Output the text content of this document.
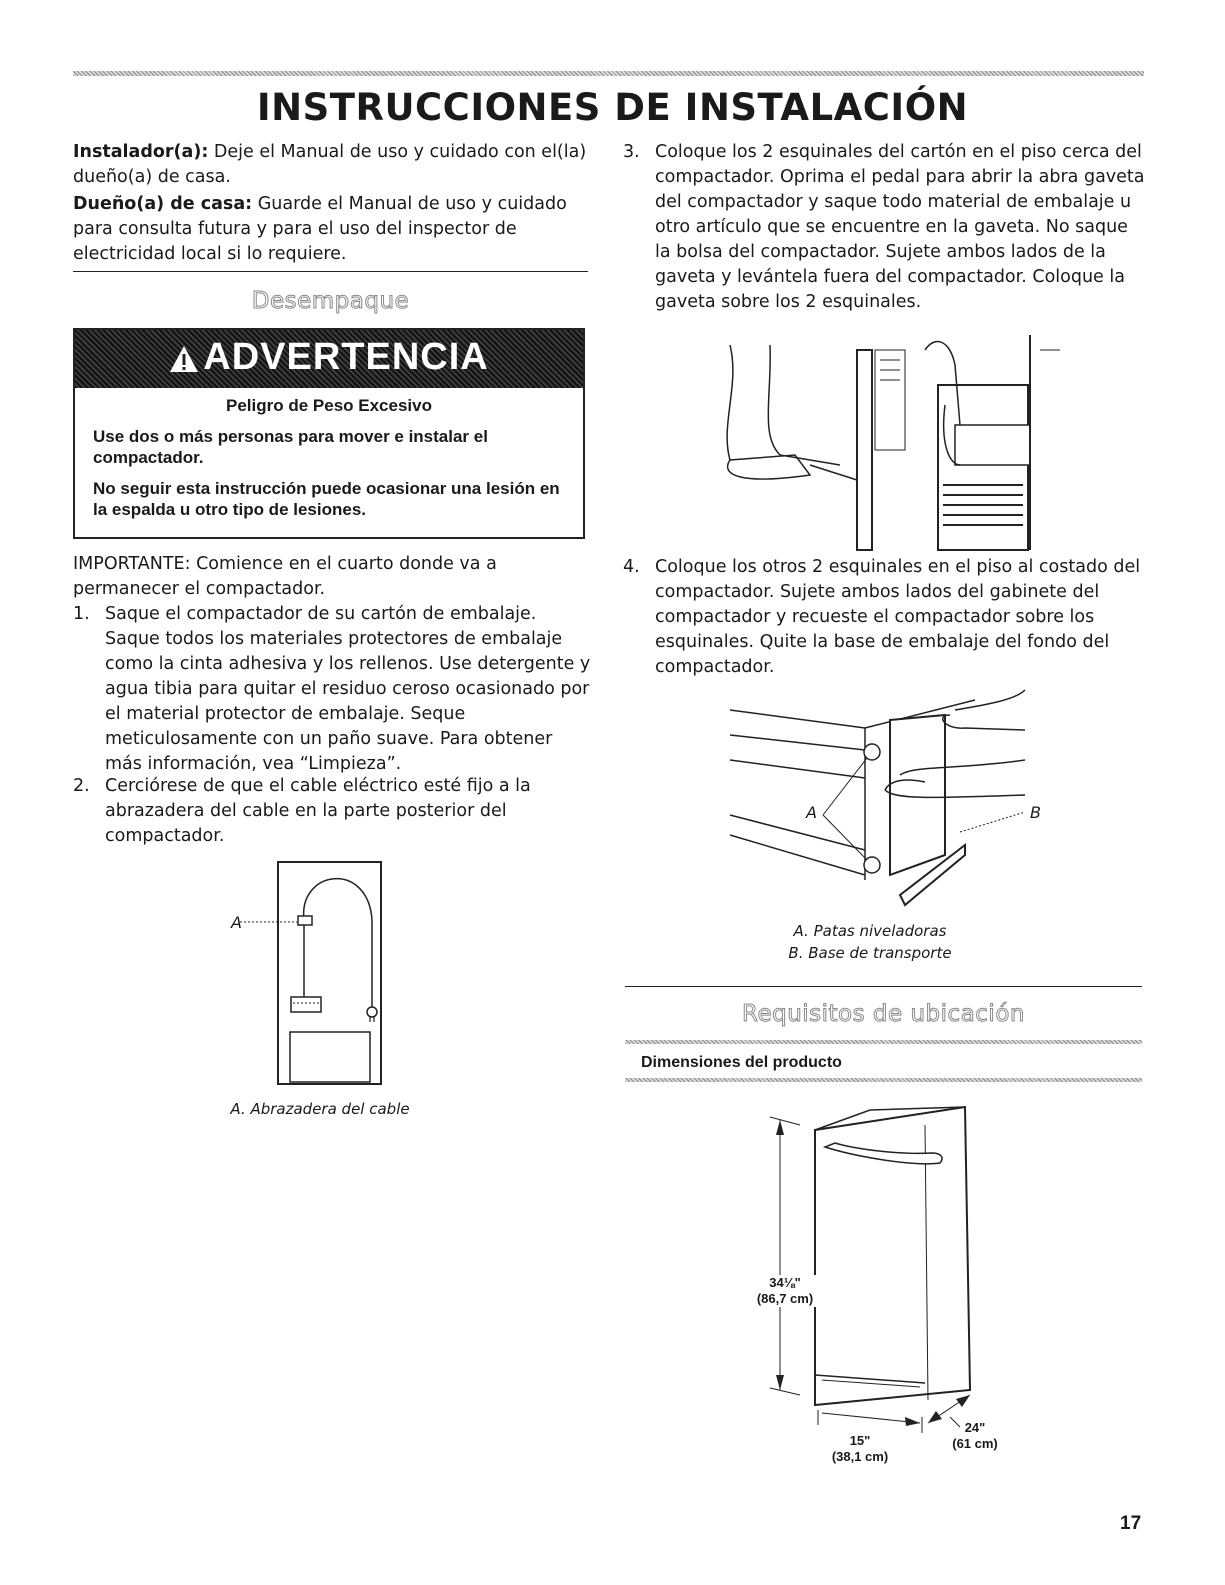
INSTRUCCIONES DE INSTALACIÓN

Instalador(a): Deje el Manual de uso y cuidado con el(la) dueño(a) de casa.

Dueño(a) de casa: Guarde el Manual de uso y cuidado para consulta futura y para el uso del inspector de electricidad local si lo requiere.

Desempaque
ADVERTENCIA
Peligro de Peso Excesivo
Use dos o más personas para mover e instalar el compactador.
No seguir esta instrucción puede ocasionar una lesión en la espalda u otro tipo de lesiones.

IMPORTANTE: Comience en el cuarto donde va a permanecer el compactador.

1. Saque el compactador de su cartón de embalaje. Saque todos los materiales protectores de embalaje como la cinta adhesiva y los rellenos. Use detergente y agua tibia para quitar el residuo ceroso ocasionado por el material protector de embalaje. Seque meticulosamente con un paño suave. Para obtener más información, vea “Limpieza”.
2. Cerciórese de que el cable eléctrico esté fijo a la abrazadera del cable en la parte posterior del compactador.
A
A. Abrazadera del cable
3. Coloque los 2 esquinales del cartón en el piso cerca del compactador. Oprima el pedal para abrir la abra gaveta del compactador y saque todo material de embalaje u otro artículo que se encuentre en la gaveta. No saque la bolsa del compactador. Sujete ambos lados de la gaveta y levántela fuera del compactador. Coloque la gaveta sobre los 2 esquinales.
4. Coloque los otros 2 esquinales en el piso al costado del compactador. Sujete ambos lados del gabinete del compactador y recueste el compactador sobre los esquinales. Quite la base de embalaje del fondo del compactador.
A	B
A. Patas niveladoras
B. Base de transporte
Requisitos de ubicación
Dimensiones del producto
34⅛"
(86,7 cm)
15"
(38,1 cm)
24"
(61 cm)
17
